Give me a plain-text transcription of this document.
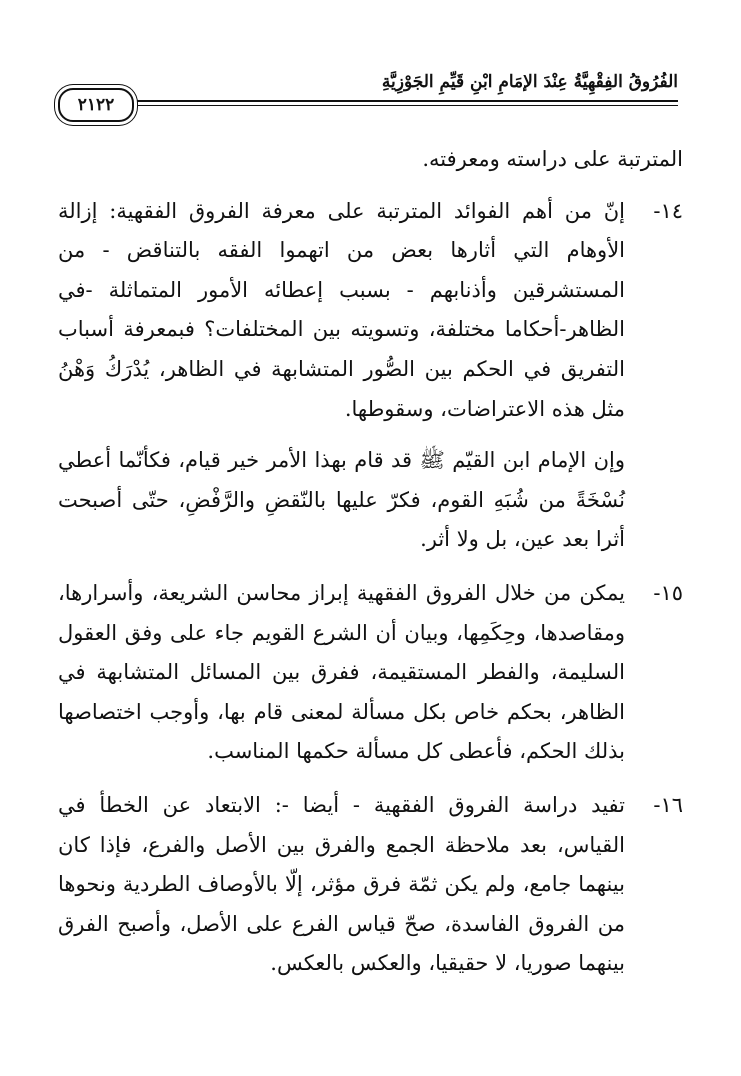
الفُرُوقُ الفِقْهِيَّةُ عِنْدَ الإمَامِ ابْنِ قَيِّمِ الجَوْزِيَّةِ
٢١٢٢

المترتبة على دراسته ومعرفته.

١٤-

إنّ من أهم الفوائد المترتبة على معرفة الفروق الفقهية: إزالة الأوهام التي أثارها بعض من اتهموا الفقه بالتناقض - من المستشرقين وأذنابهم - بسبب إعطائه الأمور المتماثلة -في الظاهر-أحكاما مختلفة، وتسويته بين المختلفات؟ فبمعرفة أسباب التفريق في الحكم بين الصُّور المتشابهة في الظاهر، يُدْرَكُ وَهْنُ مثل هذه الاعتراضات، وسقوطها.

وإن الإمام ابن القيّم ﷺ قد قام بهذا الأمر خير قيام، فكأنّما أعطي نُسْخَةً من شُبَهِ القوم، فكرّ عليها بالنّقضِ والرَّفْضِ، حتّى أصبحت أثرا بعد عين، بل ولا أثر.

١٥-

يمكن من خلال الفروق الفقهية إبراز محاسن الشريعة، وأسرارها، ومقاصدها، وحِكَمِها، وبيان أن الشرع القويم جاء على وفق العقول السليمة، والفطر المستقيمة، ففرق بين المسائل المتشابهة في الظاهر، بحكم خاص بكل مسألة لمعنى قام بها، وأوجب اختصاصها بذلك الحكم، فأعطى كل مسألة حكمها المناسب.

١٦-

تفيد دراسة الفروق الفقهية - أيضا -: الابتعاد عن الخطأ في القياس، بعد ملاحظة الجمع والفرق بين الأصل والفرع، فإذا كان بينهما جامع، ولم يكن ثمّة فرق مؤثر، إلّا بالأوصاف الطردية ونحوها من الفروق الفاسدة، صحّ قياس الفرع على الأصل، وأصبح الفرق بينهما صوريا، لا حقيقيا، والعكس بالعكس.
